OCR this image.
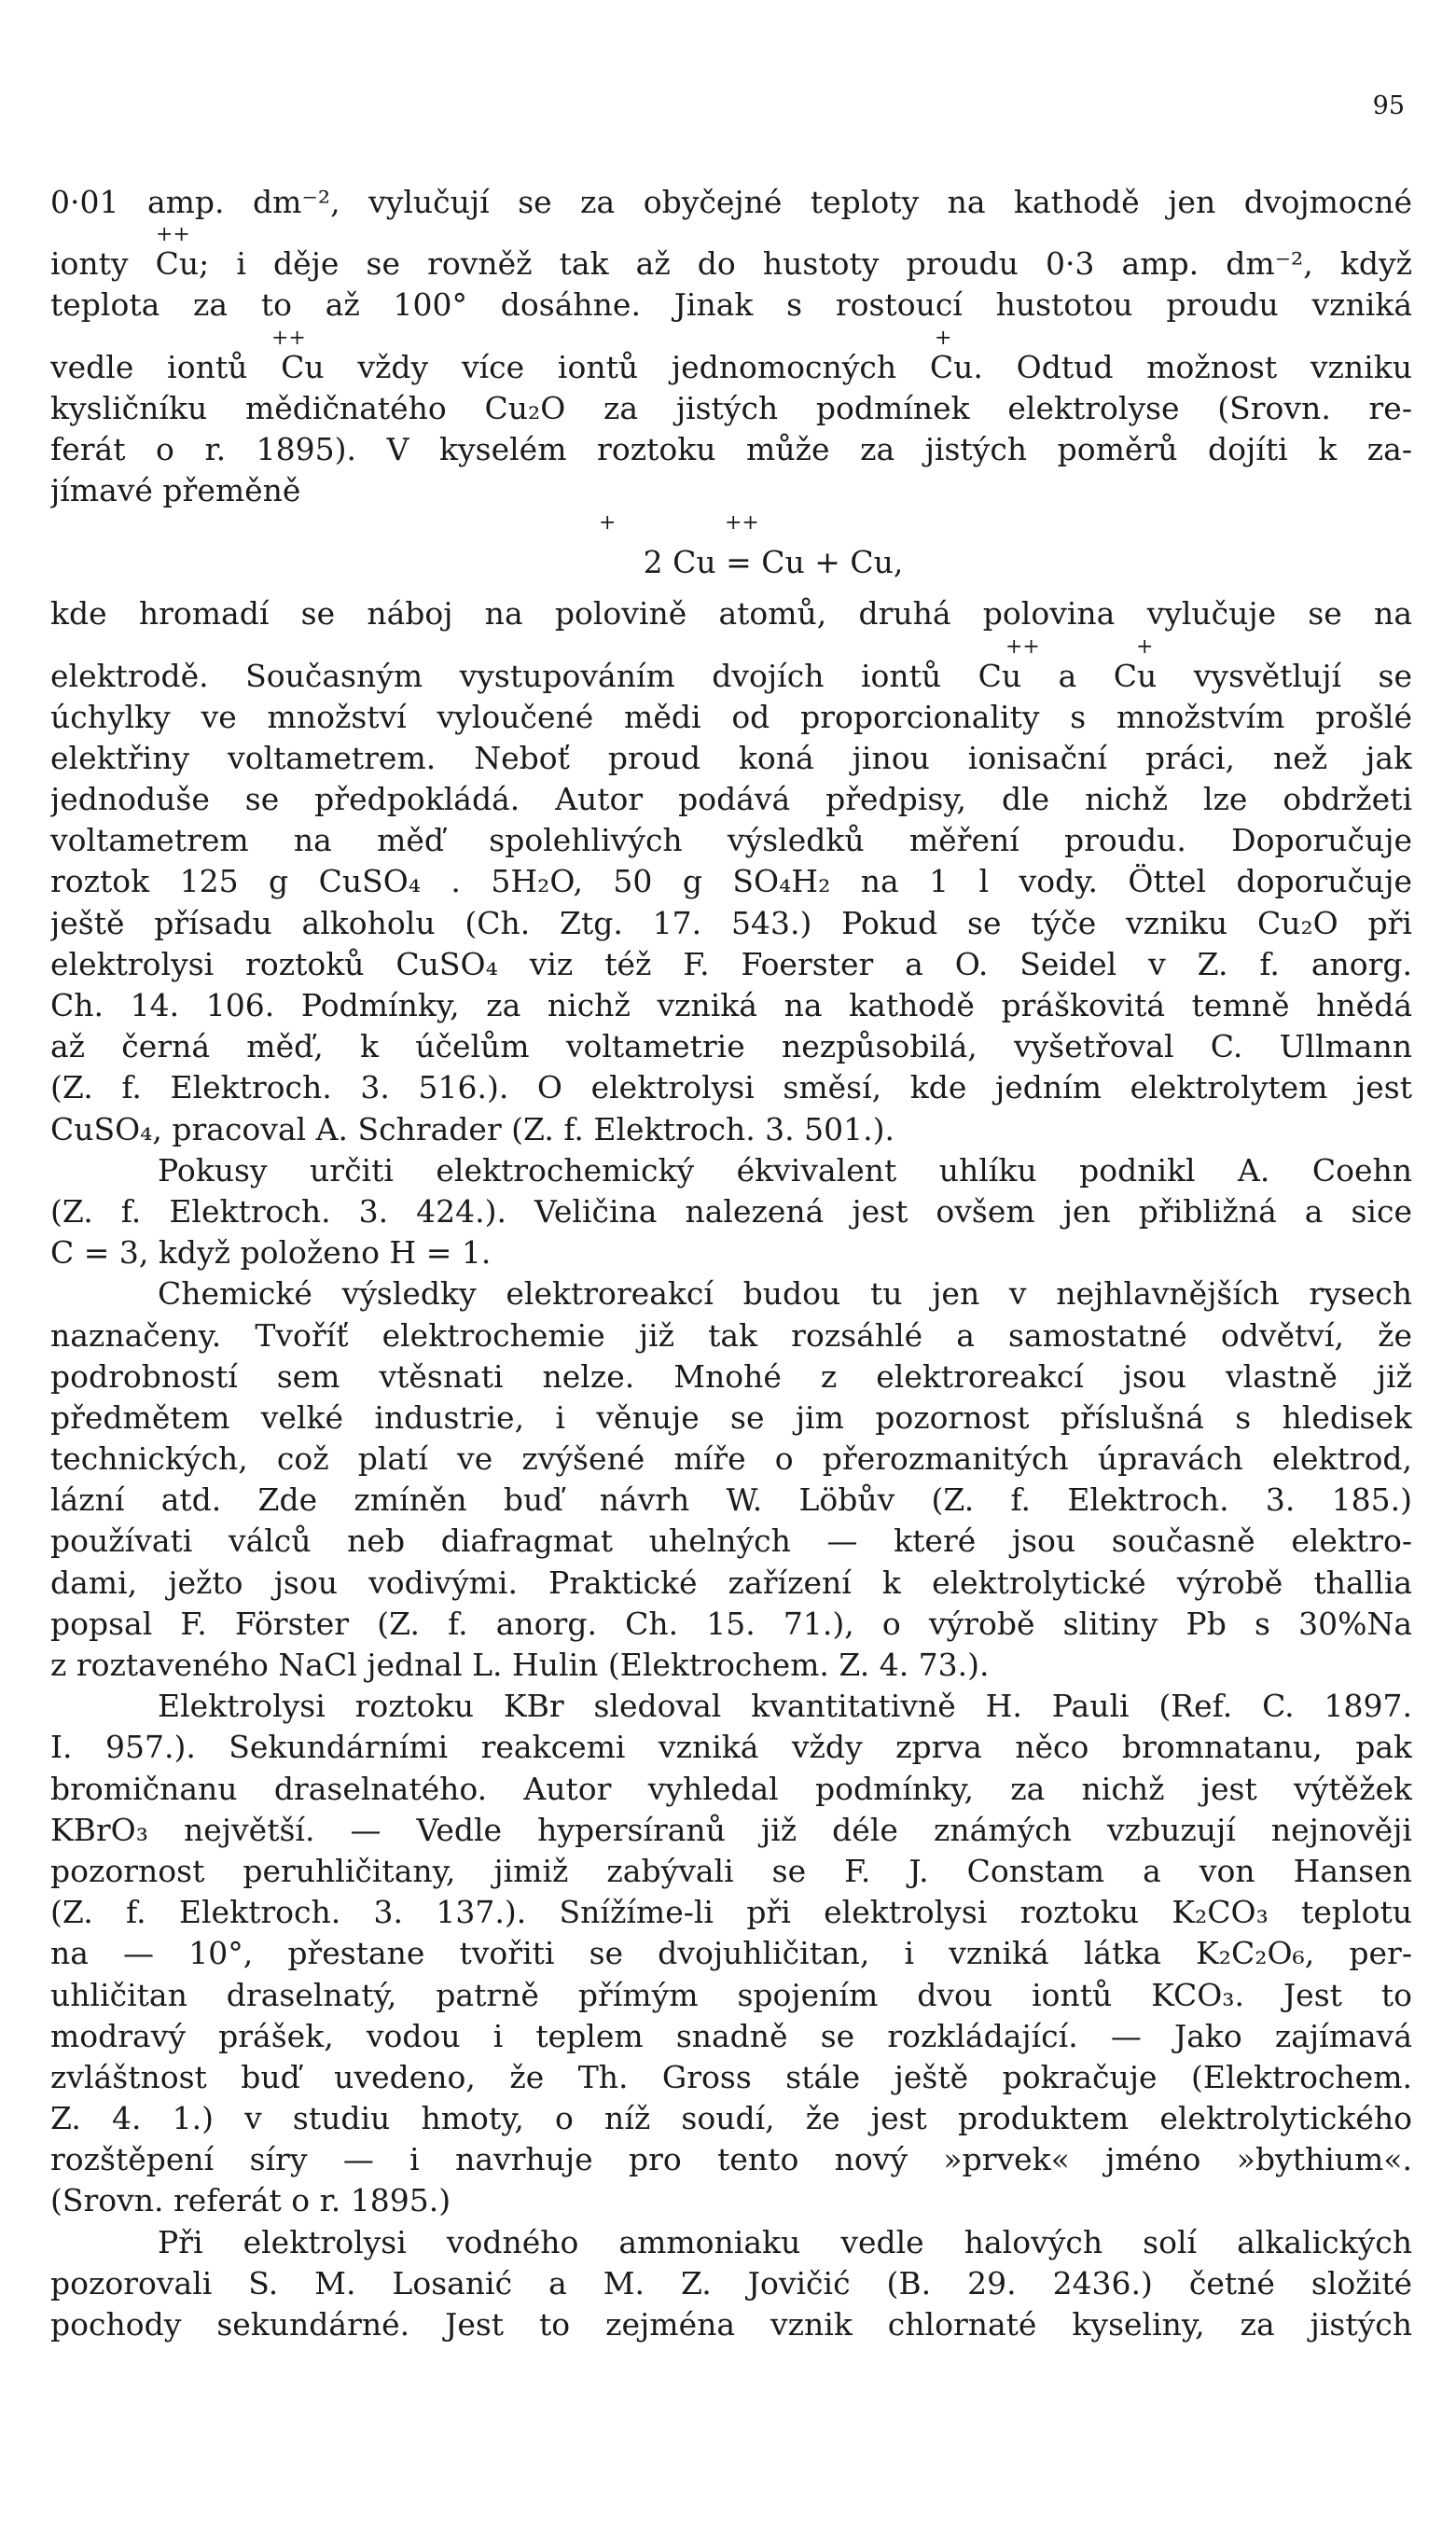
95
0·01 amp. dm⁻², vylučují se za obyčejné teploty na kathodě jen dvojmocné
++
ionty Cu; i děje se rovněž tak až do hustoty proudu 0·3 amp. dm⁻², když
teplota za to až 100° dosáhne. Jinak s rostoucí hustotou proudu vzniká
++	+
vedle iontů Cu vždy více iontů jednomocných Cu. Odtud možnost vzniku
kysličníku mědičnatého Cu₂O za jistých podmínek elektrolyse (Srovn. re-
ferát o r. 1895). V kyselém roztoku může za jistých poměrů dojíti k za-
jímavé přeměně
+	++
2 Cu = Cu + Cu,
kde hromadí se náboj na polovině atomů, druhá polovina vylučuje se na
++	+
elektrodě. Současným vystupováním dvojích iontů Cu a Cu vysvětlují se
úchylky ve množství vyloučené mědi od proporcionality s množstvím prošlé
elektřiny voltametrem. Neboť proud koná jinou ionisační práci, než jak
jednoduše se předpokládá. Autor podává předpisy, dle nichž lze obdržeti
voltametrem na měď spolehlivých výsledků měření proudu. Doporučuje
roztok 125 g CuSO₄ . 5H₂O, 50 g SO₄H₂ na 1 l vody. Öttel doporučuje
ještě přísadu alkoholu (Ch. Ztg. 17. 543.) Pokud se týče vzniku Cu₂O při
elektrolysi roztoků CuSO₄ viz též F. Foerster a O. Seidel v Z. f. anorg.
Ch. 14. 106. Podmínky, za nichž vzniká na kathodě práškovitá temně hnědá
až černá měď, k účelům voltametrie nezpůsobilá, vyšetřoval C. Ullmann
(Z. f. Elektroch. 3. 516.). O elektrolysi směsí, kde jedním elektrolytem jest
CuSO₄, pracoval A. Schrader (Z. f. Elektroch. 3. 501.).
Pokusy určiti elektrochemický ékvivalent uhlíku podnikl A. Coehn
(Z. f. Elektroch. 3. 424.). Veličina nalezená jest ovšem jen přibližná a sice
C = 3, když položeno H = 1.
Chemické výsledky elektroreakcí budou tu jen v nejhlavnějších rysech
naznačeny. Tvoříť elektrochemie již tak rozsáhlé a samostatné odvětví, že
podrobností sem vtěsnati nelze. Mnohé z elektroreakcí jsou vlastně již
předmětem velké industrie, i věnuje se jim pozornost příslušná s hledisek
technických, což platí ve zvýšené míře o přerozmanitých úpravách elektrod,
lázní atd. Zde zmíněn buď návrh W. Löbův (Z. f. Elektroch. 3. 185.)
používati válců neb diafragmat uhelných — které jsou současně elektro-
dami, ježto jsou vodivými. Praktické zařízení k elektrolytické výrobě thallia
popsal F. Förster (Z. f. anorg. Ch. 15. 71.), o výrobě slitiny Pb s 30%Na
z roztaveného NaCl jednal L. Hulin (Elektrochem. Z. 4. 73.).
Elektrolysi roztoku KBr sledoval kvantitativně H. Pauli (Ref. C. 1897.
I. 957.). Sekundárními reakcemi vzniká vždy zprva něco bromnatanu, pak
bromičnanu draselnatého. Autor vyhledal podmínky, za nichž jest výtěžek
KBrO₃ největší. — Vedle hypersíranů již déle známých vzbuzují nejnověji
pozornost peruhličitany, jimiž zabývali se F. J. Constam a von Hansen
(Z. f. Elektroch. 3. 137.). Snížíme-li při elektrolysi roztoku K₂CO₃ teplotu
na — 10°, přestane tvořiti se dvojuhličitan, i vzniká látka K₂C₂O₆, per-
uhličitan draselnatý, patrně přímým spojením dvou iontů KCO₃. Jest to
modravý prášek, vodou i teplem snadně se rozkládající. — Jako zajímavá
zvláštnost buď uvedeno, že Th. Gross stále ještě pokračuje (Elektrochem.
Z. 4. 1.) v studiu hmoty, o níž soudí, že jest produktem elektrolytického
rozštěpení síry — i navrhuje pro tento nový »prvek« jméno »bythium«.
(Srovn. referát o r. 1895.)
Při elektrolysi vodného ammoniaku vedle halových solí alkalických
pozorovali S. M. Losanić a M. Z. Jovičić (B. 29. 2436.) četné složité
pochody sekundárné. Jest to zejména vznik chlornaté kyseliny, za jistých
